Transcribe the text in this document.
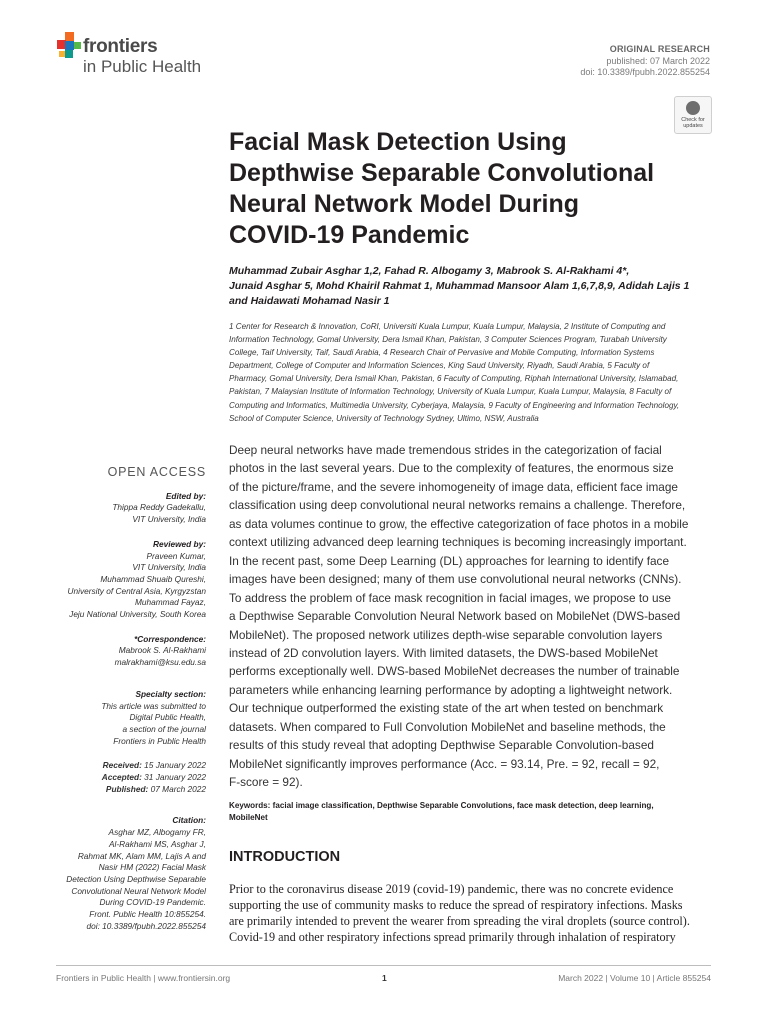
frontiers
in Public Health
ORIGINAL RESEARCH
published: 07 March 2022
doi: 10.3389/fpubh.2022.855254
Check for
updates
Facial Mask Detection Using
Depthwise Separable Convolutional
Neural Network Model During
COVID-19 Pandemic
Muhammad Zubair Asghar 1,2, Fahad R. Albogamy 3, Mabrook S. Al-Rakhami 4*,
Junaid Asghar 5, Mohd Khairil Rahmat 1, Muhammad Mansoor Alam 1,6,7,8,9, Adidah Lajis 1
and Haidawati Mohamad Nasir 1
1 Center for Research & Innovation, CoRI, Universiti Kuala Lumpur, Kuala Lumpur, Malaysia, 2 Institute of Computing and
Information Technology, Gomal University, Dera Ismail Khan, Pakistan, 3 Computer Sciences Program, Turabah University
College, Taif University, Taif, Saudi Arabia, 4 Research Chair of Pervasive and Mobile Computing, Information Systems
Department, College of Computer and Information Sciences, King Saud University, Riyadh, Saudi Arabia, 5 Faculty of
Pharmacy, Gomal University, Dera Ismail Khan, Pakistan, 6 Faculty of Computing, Riphah International University, Islamabad,
Pakistan, 7 Malaysian Institute of Information Technology, University of Kuala Lumpur, Kuala Lumpur, Malaysia, 8 Faculty of
Computing and Informatics, Multimedia University, Cyberjaya, Malaysia, 9 Faculty of Engineering and Information Technology,
School of Computer Science, University of Technology Sydney, Ultimo, NSW, Australia
OPEN ACCESS
Edited by:
Thippa Reddy Gadekallu,
VIT University, India
Reviewed by:
Praveen Kumar,
VIT University, India
Muhammad Shuaib Qureshi,
University of Central Asia, Kyrgyzstan
Muhammad Fayaz,
Jeju National University, South Korea
*Correspondence:
Mabrook S. Al-Rakhami
malrakhami@ksu.edu.sa
Specialty section:
This article was submitted to
Digital Public Health,
a section of the journal
Frontiers in Public Health
Received: 15 January 2022
Accepted: 31 January 2022
Published: 07 March 2022
Citation:
Asghar MZ, Albogamy FR,
Al-Rakhami MS, Asghar J,
Rahmat MK, Alam MM, Lajis A and
Nasir HM (2022) Facial Mask
Detection Using Depthwise Separable
Convolutional Neural Network Model
During COVID-19 Pandemic.
Front. Public Health 10:855254.
doi: 10.3389/fpubh.2022.855254
Deep neural networks have made tremendous strides in the categorization of facial
photos in the last several years. Due to the complexity of features, the enormous size
of the picture/frame, and the severe inhomogeneity of image data, efficient face image
classification using deep convolutional neural networks remains a challenge. Therefore,
as data volumes continue to grow, the effective categorization of face photos in a mobile
context utilizing advanced deep learning techniques is becoming increasingly important.
In the recent past, some Deep Learning (DL) approaches for learning to identify face
images have been designed; many of them use convolutional neural networks (CNNs).
To address the problem of face mask recognition in facial images, we propose to use
a Depthwise Separable Convolution Neural Network based on MobileNet (DWS-based
MobileNet). The proposed network utilizes depth-wise separable convolution layers
instead of 2D convolution layers. With limited datasets, the DWS-based MobileNet
performs exceptionally well. DWS-based MobileNet decreases the number of trainable
parameters while enhancing learning performance by adopting a lightweight network.
Our technique outperformed the existing state of the art when tested on benchmark
datasets. When compared to Full Convolution MobileNet and baseline methods, the
results of this study reveal that adopting Depthwise Separable Convolution-based
MobileNet significantly improves performance (Acc. = 93.14, Pre. = 92, recall = 92,
F-score = 92).
Keywords: facial image classification, Depthwise Separable Convolutions, face mask detection, deep learning,
MobileNet
INTRODUCTION
Prior to the coronavirus disease 2019 (covid-19) pandemic, there was no concrete evidence
supporting the use of community masks to reduce the spread of respiratory infections. Masks
are primarily intended to prevent the wearer from spreading the viral droplets (source control).
Covid-19 and other respiratory infections spread primarily through inhalation of respiratory
Frontiers in Public Health | www.frontiersin.org	1	March 2022 | Volume 10 | Article 855254
